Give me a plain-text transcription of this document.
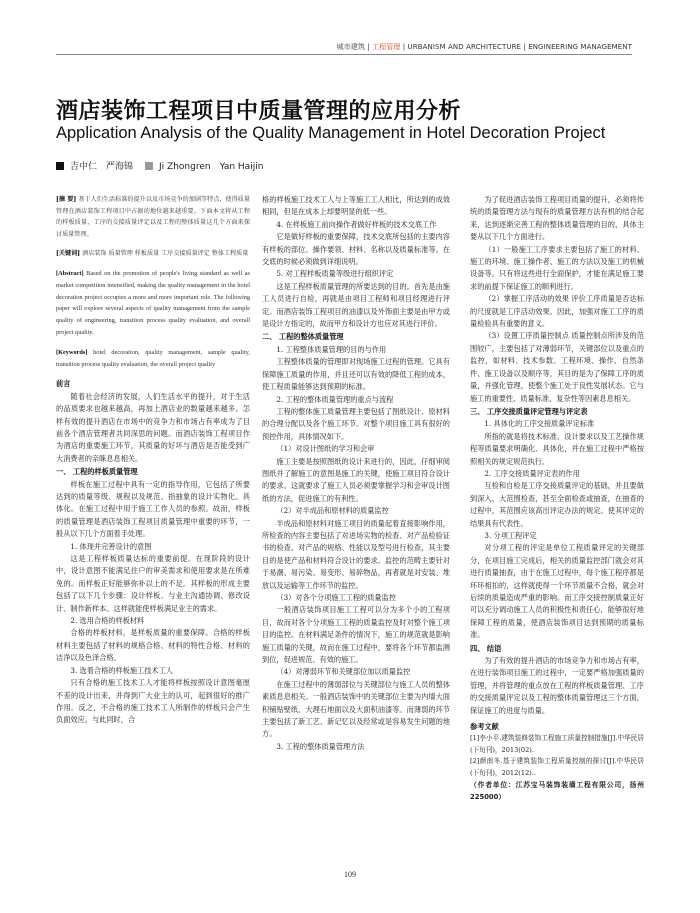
城市建筑 | 工程管理 | URBANISM AND ARCHITECTURE | ENGINEERING MANAGEMENT
酒店装饰工程项目中质量管理的应用分析
Application Analysis of the Quality Management in Hotel Decoration Project
吉中仁　严海锦	Ji Zhongren　Yan Haijin

[摘 要] 基于人们生活标准的提升以及市场竞争的加剧等特点，使得质量管理在酒店装饰工程项目中占据的地位越来越重要。下面本文将从工程的样板质量、工序的交接质量评定以及工程的整体质量这几个方面来探讨质量管理。

[关键词] 酒店装饰 质量管理 样板质量 工序交接质量评定 整体工程质量

[Abstract] Based on the promotion of people's living standard as well as market competition intensified, making the quality management in the hotel decoration project occupies a more and more important role. The following paper will explore several aspects of quality management from the sample quality of engineering, transition process quality evaluation, and overall project quality.

[Keywords] hotel decoration, quality management, sample quality, transition process quality evaluation, the overall project quality

前言

随着社会经济的发展，人们生活水平的提升，对于生活的品质要求也越来越高，再加上酒店业的数量越来越多。怎样有效的提升酒店在市场中的竞争力和市场占有率成为了目前各个酒店管理者共同深思的问题。而酒店装饰工程项目作为酒店的重要施工环节，其质量的好坏与酒店是否能受到广大消费者的亲睐息息相关。

一、 工程的样板质量管理

样板在施工过程中具有一定的指导作用，它包括了所要达到的质量等级、规程以及规范、指抽象的设计实物化、具体化。在施工过程中用于施工工作人员的参照。故而，样板的质量管理是酒店装饰工程项目质量管理中重要的环节，一般从以下几个方面着手处理。

1. 体现并完善设计的意图

这是工程样板质量达标的重要前提。在现阶段的设计中，设计意图不能满足住户的审美需求和使用要求是在所难免的。而样板正好能够弥补以上的不足。其样板的形成主要包括了以下几个步骤：设计样板、与业主沟通协调、修改设计、制作新样本。这样就能使样板满足业主的需求。

2. 选用合格的样板材料

合格的样板材料，是样板质量的重要保障。合格的样板材料主要包括了材料的规格合格、材料的特性合格、材料的洁净以及色泽合格。

3. 选着合格的样板施工技术工人

只有合格的施工技术工人才能将样板按照设计意图毫厘不差的设计出来，并得到广大业主的认可，起到很好的推广作用。反之，不合格的施工技术工人所制作的样板只会产生负面效应。与此同时，合

格的样板施工技术工人与上等施工工人相比，所达到的成效相同，但是在成本上却要明显的低一些。

4. 在样板施工前向操作者做好样板的技术交底工作

它是做好样板的重要保障，技术交底所包括的主要内容有样板的部位、操作要领、材料、名称以及质量标准等。在交底的时候必须做到详细说明。

5. 对工程样板质量等级进行组织评定

这是工程样板质量管理的所要达到的目的。首先是由施工人员进行自检，再就是由项目工程师和项目经理进行评定。而酒店装饰工程项目的油漆以及外饰面主要是由甲方或是设计方指定的，故而甲方和设计方也应对其进行评价。

二、 工程的整体质量管理

1. 工程整体质量管理的目的与作用

工程整体质量的管理即对现场施工过程的管理。它具有保障施工质量的作用，并且还可以有效的降低工程的成本，使工程质量能够达到预期的标准。

2. 工程的整体质量管理的重点与流程

工程的整体施工质量管理主要包括了图纸设计、原材料的合理分配以及各个施工环节。对整个项目施工具有很好的预控作用，具体情况如下。

（1）对设计图纸的学习和会审

施工主要是按照图纸的设计来进行的，因此，仔细审阅图纸并了解施工的意图是施工的关键，使施工项目符合设计的要求。这就要求了施工人员必须要掌握学习和会审设计图纸的方法，促进施工的有利性。

（2）对半成品和原材料的质量监控

半成品和原材料对施工项目的质量起着直接影响作用，所检查的内容主要包括了对进场实物的检查、对产品检验证书的检查、对产品的规格、性能以及型号进行检查，其主要目的是使产品和材料符合设计的要求。监控的范畴主要针对于易潮、易污染、易变形、易碎物品，再者就是对安装、堆放以及运输等工作环节的监控。

（3）对各个分项施工工程的质量监控

一般酒店装饰项目施工工程可以分为多个小的工程项目，故而对各个分项施工工程的质量监控及时对整个施工项目的监控。在材料满足条件的情况下，施工的规范就是影响施工质量的关键，故而在施工过程中，要将各个环节都监测到位，促进规范、有效的施工。

（4）对薄弱环节和关键部位加以质量监控

在施工过程中的薄弱部位与关键部位与施工人员的整体素质息息相关。一般酒店装饰中的关键部位主要为内墙大面积铺贴壁纸、大理石地面以及大面积油漆等。而薄弱的环节主要包括了新工艺、新记忆以及经常或是容易发生问题的地方。

3. 工程的整体质量管理方法

为了促进酒店装饰工程项目质量的提升，必须将传统的质量管理方法与现有的质量管理方法有机的结合起来，达到逐渐完善工程的整体质量管理的目的，具体主要从以下几个方面进行。

（1）一般施工工序要求主要包括了施工的材料、施工的环境、施工操作者、施工的方法以及施工的机械设备等。只有将这些进行全面保护，才能在满足施工要求的前提下保证施工的顺利进行。

（2）掌握工序活动的效果 评价工序质量是否达标的尺度就是工序活动效果。因此，加强对施工工序的质量检验具有重要的意义。

（3）设置工序质量控制点 质量控制点所涉及的范围较广，主要包括了对薄弱环节，关键部位以及重点的监控，如材料、技术参数、工程环境、操作、自然条件、施工设备以及顺序等，其目的是为了保障工序的质量，并强化管理，使整个施工处于良性发展状态。它与施工的重要性、质量标准、复杂性等因素息息相关。

三、 工序交接质量评定管理与评定表

1. 具体化的工序交接质量评定标准

所指的就是将技术标准、设计要求以及工艺操作规程等质量要求明确化、具体化，并在施工过程中严格按照相关的规定规范执行。

2. 工序交接质量评定表的作用

互检和自检是工序交接质量评定的基础，并且要做到深入、大范围检查，甚至全面检查或抽查，在抽查的过程中，其范围应该高出评定办法的规定。使其评定的结果具有代表性。

3. 分项工程评定

对分项工程的评定是单位工程质量评定的关键部分，在项目施工完成后，相关的质量监控部门就会对其进行质量抽查，由于在施工过程中，每个施工程序都是环环相扣的，这样就使得一个环节质量不合格，就会对后续的质量造成严重的影响。而工序交接控制质量正好可以充分调动施工人员的积极性和责任心，能够很好地保障工程的质量，使酒店装饰项目达到预期的质量标准。

四、 结语

为了有效的提升酒店的市场竞争力和市场占有率，在进行装饰项目施工的过程中，一定要严格加强质量的管理，并将管理的重点放在工程的样板质量管理、工序的交接质量评定以及工程的整体质量管理这三个方面，保证施工的进度与质量。

参考文献

[1]李小平.建筑装修装饰工程施工质量控制措施[J].中华民居(下旬刊)，2013(02).

[2]颜南冬.基于建筑装饰工程质量控制的探讨[J].中华民居(下旬刊)，2012(12)..

（作者单位：江苏宝马装饰装璜工程有限公司，扬州 225000）

109
